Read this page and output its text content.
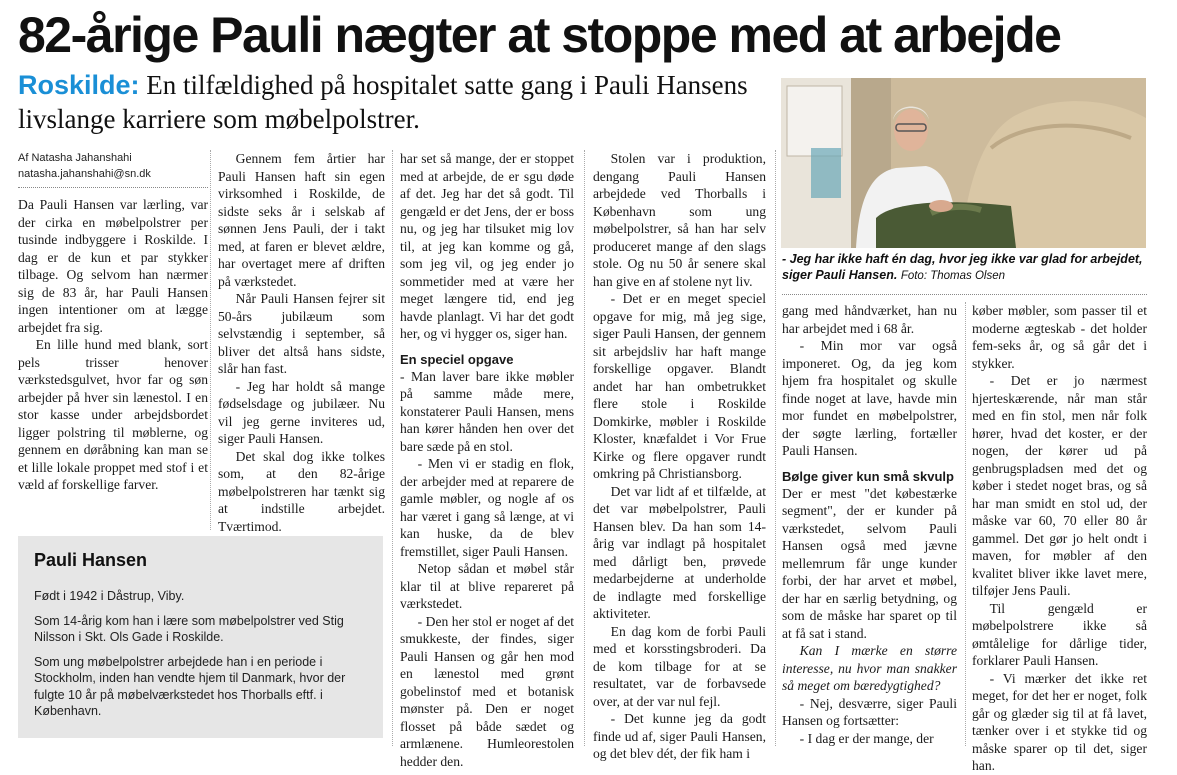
82-årige Pauli nægter at stoppe med at arbejde
Roskilde: En tilfældighed på hospitalet satte gang i Pauli Hansens livslange karriere som møbelpolstrer.
Af Natasha Jahanshahi
natasha.jahanshahi@sn.dk

Da Pauli Hansen var lærling, var der cirka en møbelpolstrer per tusinde indbyggere i Roskilde. I dag er de kun et par stykker tilbage. Og selvom han nærmer sig de 83 år, har Pauli Hansen ingen intentioner om at lægge arbejdet fra sig.

En lille hund med blank, sort pels trisser henover værkstedsgulvet, hvor far og søn arbejder på hver sin lænestol. I en stor kasse under arbejdsbordet ligger polstring til møblerne, og gennem en døråbning kan man se et lille lokale proppet med stof i et væld af forskellige farver.

Gennem fem årtier har Pauli Hansen haft sin egen virksomhed i Roskilde, de sidste seks år i selskab af sønnen Jens Pauli, der i takt med, at faren er blevet ældre, har overtaget mere af driften på værkstedet.

Når Pauli Hansen fejrer sit 50-års jubilæum som selvstændig i september, så bliver det altså hans sidste, slår han fast.

- Jeg har holdt så mange fødselsdage og jubilæer. Nu vil jeg gerne inviteres ud, siger Pauli Hansen.

Det skal dog ikke tolkes som, at den 82-årige møbelpolstreren har tænkt sig at indstille arbejdet. Tværtimod.

har set så mange, der er stoppet med at arbejde, de er sgu døde af det. Jeg har det så godt. Til gengæld er det Jens, der er boss nu, og jeg har tilsuket mig lov til, at jeg kan komme og gå, som jeg vil, og jeg ender jo sommetider med at være her meget længere tid, end jeg havde planlagt. Vi har det godt her, og vi hygger os, siger han.

En speciel opgave

- Man laver bare ikke møbler på samme måde mere, konstaterer Pauli Hansen, mens han kører hånden hen over det bare sæde på en stol.

- Men vi er stadig en flok, der arbejder med at reparere de gamle møbler, og nogle af os har været i gang så længe, at vi kan huske, da de blev fremstillet, siger Pauli Hansen.

Netop sådan et møbel står klar til at blive repareret på værkstedet.

- Den her stol er noget af det smukkeste, der findes, siger Pauli Hansen og går hen mod en lænestol med grønt gobelinstof med et botanisk mønster på. Den er noget flosset på både sædet og armlænene. Humleorestolen hedder den.

Stolen var i produktion, dengang Pauli Hansen arbejdede ved Thorballs i København som ung møbelpolstrer, så han har selv produceret mange af den slags stole. Og nu 50 år senere skal han give en af stolene nyt liv.

- Det er en meget speciel opgave for mig, må jeg sige, siger Pauli Hansen, der gennem sit arbejdsliv har haft mange forskellige opgaver. Blandt andet har han ombetrukket flere stole i Roskilde Domkirke, møbler i Roskilde Kloster, knæfaldet i Vor Frue Kirke og flere opgaver rundt omkring på Christiansborg.

Det var lidt af et tilfælde, at det var møbelpolstrer, Pauli Hansen blev. Da han som 14-årig var indlagt på hospitalet med dårligt ben, prøvede medarbejderne at underholde de indlagte med forskellige aktiviteter.

En dag kom de forbi Pauli med et korsstingsbroderi. Da de kom tilbage for at se resultatet, var de forbavsede over, at der var nul fejl.

- Det kunne jeg da godt finde ud af, siger Pauli Hansen, og det blev dét, der fik ham i

gang med håndværket, han nu har arbejdet med i 68 år.

- Min mor var også imponeret. Og, da jeg kom hjem fra hospitalet og skulle finde noget at lave, havde min mor fundet en møbelpolstrer, der søgte lærling, fortæller Pauli Hansen.

Bølge giver kun små skvulp

Der er mest "det købestærke segment", der er kunder på værkstedet, selvom Pauli Hansen også med jævne mellemrum får unge kunder forbi, der har arvet et møbel, der har en særlig betydning, og som de måske har sparet op til at få sat i stand.

Kan I mærke en større interesse, nu hvor man snakker så meget om bæredygtighed?

- Nej, desværre, siger Pauli Hansen og fortsætter:

- I dag er der mange, der

køber møbler, som passer til et moderne ægteskab - det holder fem-seks år, og så går det i stykker.

- Det er jo nærmest hjerteskærende, når man står med en fin stol, men når folk hører, hvad det koster, er der nogen, der kører ud på genbrugspladsen med det og køber i stedet noget bras, og så har man smidt en stol ud, der måske var 60, 70 eller 80 år gammel. Det gør jo helt ondt i maven, for møbler af den kvalitet bliver ikke lavet mere, tilføjer Jens Pauli.

Til gengæld er møbelpolstrere ikke så ømtålelige for dårlige tider, forklarer Pauli Hansen.

- Vi mærker det ikke ret meget, for det her er noget, folk går og glæder sig til at få lavet, tænker over i et stykke tid og måske sparer op til det, siger han.

Pauli Hansen

Født i 1942 i Dåstrup, Viby.

Som 14-årig kom han i lære som møbelpolstrer ved Stig Nilsson i Skt. Ols Gade i Roskilde.

Som ung møbelpolstrer arbejdede han i en periode i Stockholm, inden han vendte hjem til Danmark, hvor der fulgte 10 år på møbelværkstedet hos Thorballs eftf. i København.

- Jeg har ikke haft én dag, hvor jeg ikke var glad for arbejdet, siger Pauli Hansen. Foto: Thomas Olsen
